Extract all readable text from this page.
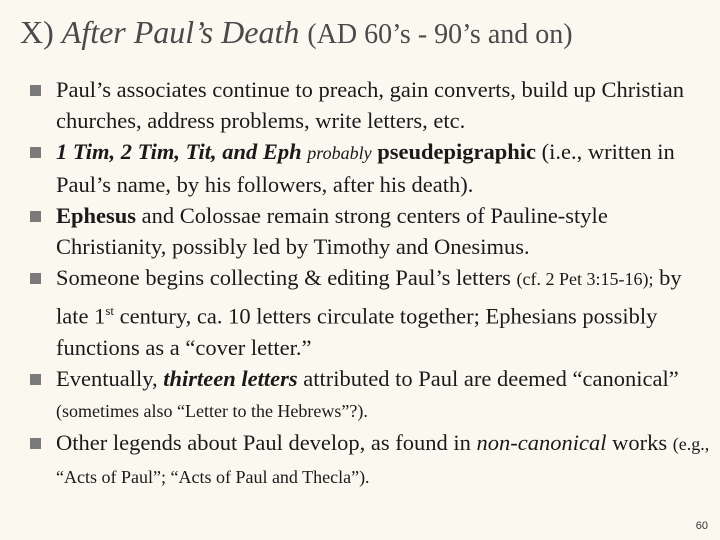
X) After Paul’s Death (AD 60’s - 90’s and on)
Paul’s associates continue to preach, gain converts, build up Christian churches, address problems, write letters, etc.
1 Tim, 2 Tim, Tit, and Eph probably pseudepigraphic (i.e., written in Paul’s name, by his followers, after his death).
Ephesus and Colossae remain strong centers of Pauline-style Christianity, possibly led by Timothy and Onesimus.
Someone begins collecting & editing Paul’s letters (cf. 2 Pet 3:15-16); by late 1st century, ca. 10 letters circulate together; Ephesians possibly functions as a “cover letter.”
Eventually, thirteen letters attributed to Paul are deemed “canonical” (sometimes also “Letter to the Hebrews”?).
Other legends about Paul develop, as found in non-canonical works (e.g., “Acts of Paul”; “Acts of Paul and Thecla”).
60
